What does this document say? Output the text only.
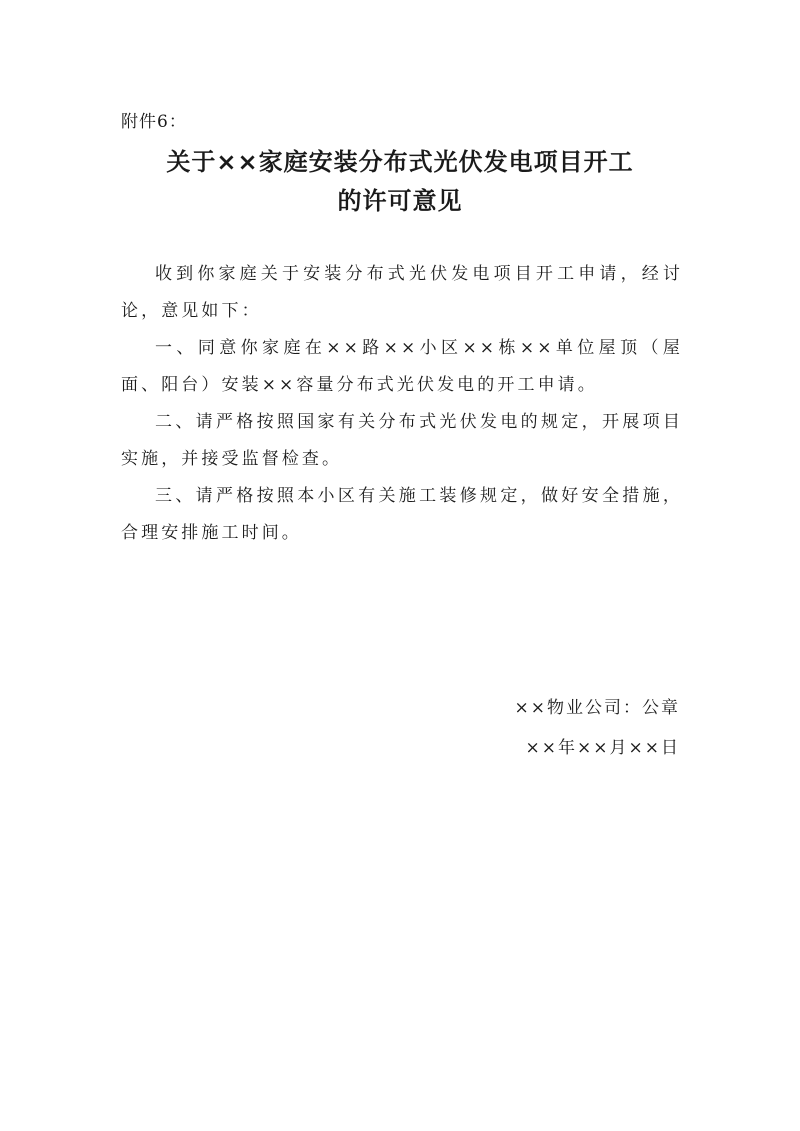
附件6：
关于××家庭安装分布式光伏发电项目开工
的许可意见

收到你家庭关于安装分布式光伏发电项目开工申请，经讨论，意见如下：

一、同意你家庭在××路××小区××栋××单位屋顶（屋面、阳台）安装××容量分布式光伏发电的开工申请。

二、请严格按照国家有关分布式光伏发电的规定，开展项目实施，并接受监督检查。

三、请严格按照本小区有关施工装修规定，做好安全措施，合理安排施工时间。

××物业公司：公章
××年××月××日
